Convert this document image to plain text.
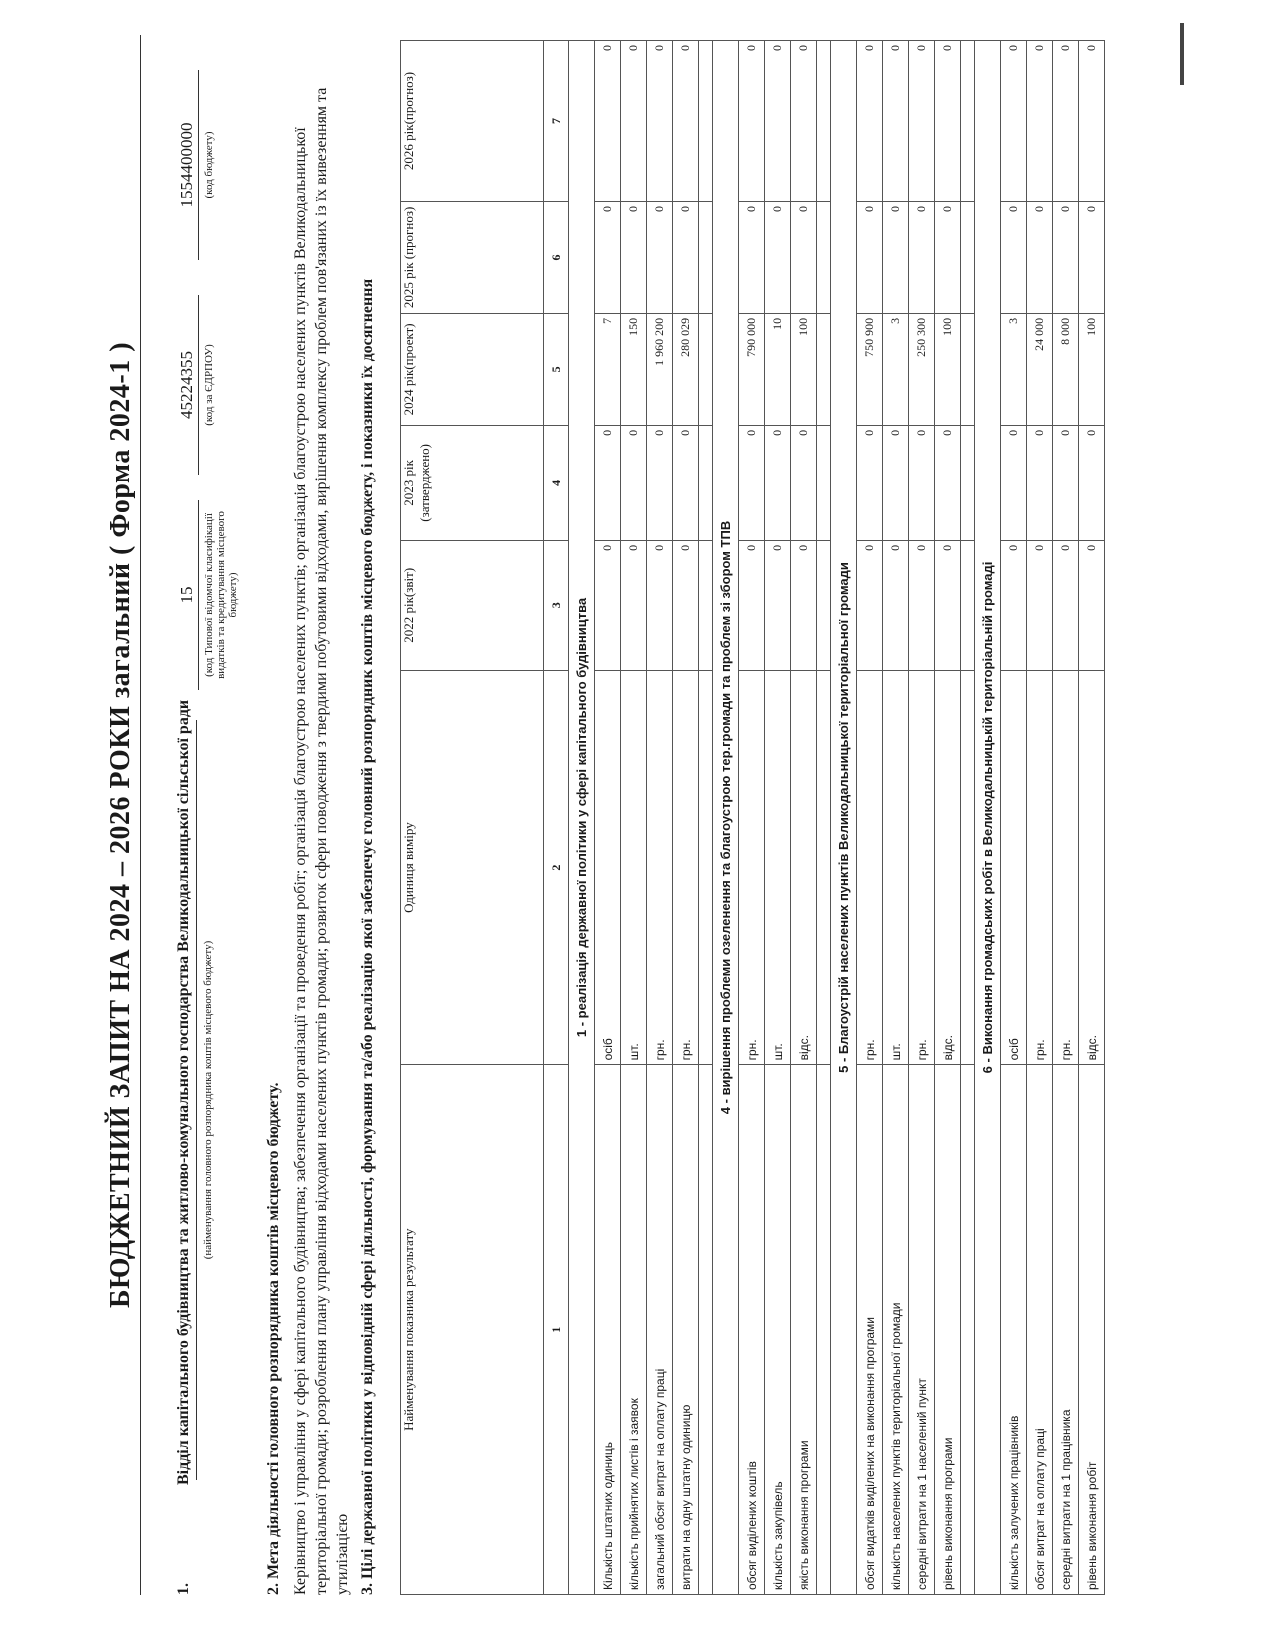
БЮДЖЕТНИЙ ЗАПИТ НА 2024 – 2026 РОКИ загальний ( Форма 2024-1 )
1.Відділ капітального будівництва та житлово-комунального господарства Великодальницької сільської ради (найменування головного розпорядника коштів місцевого бюджету)
15 (код Типової відомчої класифікації видатків та кредитування місцевого бюджету)
45224355 (код за ЄДРПОУ)
1554400000 (код бюджету)
2. Мета діяльності головного розпорядника коштів місцевого бюджету. Керівництво і управління у сфері капітального будівництва; забезпечення організації та проведення робіт; організація благоустрою населених пунктів; організація благоустрою населених пунктів Великодальницької територіальної громади; розроблення плану управління відходами населених пунктів громади; розвиток сфери поводження з твердими побутовими відходами, вирішення комплексу проблем пов'язаних із їх вивезенням та утилізацією 3. Цілі державної політики у відповідній сфері діяльності, формування та/або реалізацію якої забезпечує головний розпорядник коштів місцевого бюджету, і показники їх досягнення Найменування показника результату	Одиниця виміру	2022 рік(звіт)	2023 рік (затверджено)	2024 рік(проект)	2025 рік (прогноз)	2026 рік(прогноз)
1	2	3	4	5	6	7
1 - реалізація державної політики у сфері капітального будівництва						
Кількість штатних одиниць	осіб	0	0	7	0	0
кількість прийнятих листів і заявок	шт.	0	0	150	0	0
загальний обсяг витрат на оплату праці	грн.	0	0	1 960 200	0	0
витрати на одну штатну одиницю	грн.	0	0	280 029	0	0

4 - вирішення проблеми озеленення та благоустрою тер.громади та проблем зі збором ТПВ						
обсяг виділених коштів	грн.	0	0	790 000	0	0
кількість закупівель	шт.	0	0	10	0	0
якість виконання програми	відс.	0	0	100	0	0

5 - Благоустрій населених пунктів Великодальницької територіальної громади						
обсяг видатків виділених на виконання програми	грн.	0	0	750 900	0	0
кількість населених пунктів територіальної громади	шт.	0	0	3	0	0
середні витрати на 1 населений пункт	грн.	0	0	250 300	0	0
рівень виконання програми	відс.	0	0	100	0	0

6 - Виконання громадських робіт в Великодальницькій територіальній громаді						
кількість залучених працівників	осіб	0	0	3	0	0
обсяг витрат на оплату праці	грн.	0	0	24 000	0	0
середні витрати на 1 працівника	грн.	0	0	8 000	0	0
рівень виконання робіт	відс.	0	0	100	0	0
